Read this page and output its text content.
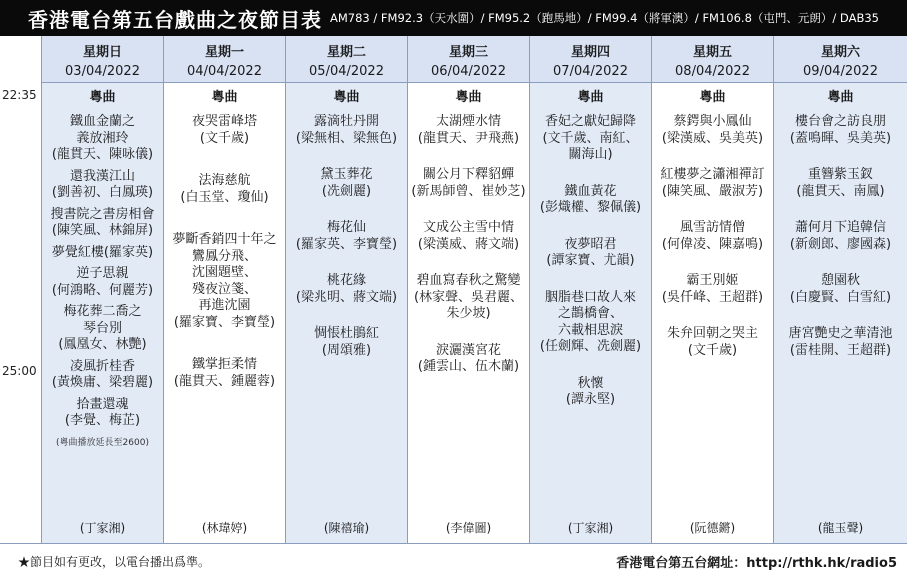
香港電台第五台戲曲之夜節目表 AM783 / FM92.3（天水圍）/ FM95.2（跑馬地）/ FM99.4（將軍澳）/ FM106.8（屯門、元朗）/ DAB35
22:35
25:00
星期日
03/04/2022
粵曲
鐵血金蘭之
義放湘玲
(龍貫天、陳咏儀)
還我漢江山
(劉善初、白鳳瑛)
搜書院之書房相會
(陳笑風、林錦屏)
夢覺紅樓(羅家英)
逆子思親
(何鴻略、何麗芳)
梅花葬二喬之
琴台別
(鳳凰女、林艷)
凌風折桂香
(黃煥庸、梁碧麗)
拾畫還魂
(李覺、梅芷)
(粵曲播放延長至2600)
(丁家湘)
星期一
04/04/2022
粵曲
夜哭雷峰塔
(文千歲)
法海慈航
(白玉堂、瓊仙)
夢斷香銷四十年之
鸞鳳分飛、
沈園題壁、
殘夜泣箋、
再進沈園
(羅家寶、李寶瑩)
鐵掌拒柔情
(龍貫天、鍾麗蓉)
(林瑋婷)
星期二
05/04/2022
粵曲
露滴牡丹開
(梁無相、梁無色)
黛玉葬花
(冼劍麗)
梅花仙
(羅家英、李寶瑩)
桃花緣
(梁兆明、蔣文端)
惆悵杜鵑紅
(周頌雅)
(陳禧瑜)
星期三
06/04/2022
粵曲
太湖煙水情
(龍貫天、尹飛燕)
關公月下釋貂蟬
(新馬師曾、崔妙芝)
文成公主雪中情
(梁漢威、蔣文端)
碧血寫春秋之驚變
(林家聲、吳君麗、
朱少坡)
淚灑漢宮花
(鍾雲山、伍木蘭)
(李偉圖)
星期四
07/04/2022
粵曲
香妃之獻妃歸降
(文千歲、南紅、
關海山)
鐵血黃花
(彭熾權、黎佩儀)
夜夢昭君
(譚家寶、尤韻)
胭脂巷口故人來
之鵲橋會、
六載相思淚
(任劍輝、冼劍麗)
秋懷
(譚永堅)
(丁家湘)
星期五
08/04/2022
粵曲
蔡鍔與小鳳仙
(梁漢威、吳美英)
紅樓夢之瀟湘禪訂
(陳笑風、嚴淑芳)
風雪訪情僧
(何偉凌、陳嘉鳴)
霸王別姬
(吳仟峰、王超群)
朱弁回朝之哭主
(文千歲)
(阮德鏘)
星期六
09/04/2022
粵曲
樓台會之訪良朋
(蓋鳴暉、吳美英)
重簪紫玉釵
(龍貫天、南鳳)
蕭何月下追韓信
(新劍郎、廖國森)
憩園秋
(白慶賢、白雪紅)
唐宮艷史之華清池
(雷桂開、王超群)
(龍玉聲)
★節目如有更改，以電台播出爲準。	香港電台第五台網址：http://rthk.hk/radio5
